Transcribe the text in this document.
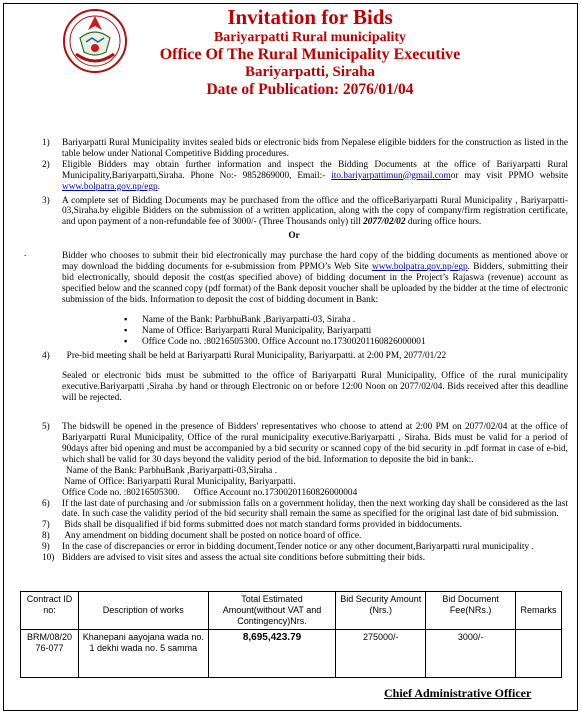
Invitation for Bids
Bariyarpatti Rural municipality
Office Of The Rural Municipality Executive
Bariyarpatti, Siraha
Date of Publication: 2076/01/04

1) Bariyarpatti Rural Municipality invites sealed bids or electronic bids from Nepalese eligible bidders for the construction as listed in the table below under National Competitive Bidding procedures.

2) Eligible Bidders may obtain further information and inspect the Bidding Documents at the office of Bariyarpatti Rural Municipality,Bariyarpatti,Siraha. Phone No:- 9852869000, Email:- ito.bariyarpattimun@gmail.comor may visit PPMO website www.bolpatra.gov.np/egp.

3) A complete set of Bidding Documents may be purchased from the office and the officeBariyarpatti Rural Municipality , Bariyarpatti-03,Siraha.by eligible Bidders on the submission of a written application, along with the copy of company/firm registration certificate, and upon payment of a non-refundable fee of 3000/- (Three Thousands only) till 2077/02/02 during office hours.

Or

.	Bidder who chooses to submit their bid electronically may purchase the hard copy of the bidding documents as mentioned above or may download the bidding documents for e-submission from PPMO’s Web Site www.bolpatra.gov.np/egp. Bidders, submitting their bid electronically, should deposit the cost(as specified above) of bidding document in the Project’s Rajaswa (revenue) account as specified below and the scanned copy (pdf format) of the Bank deposit voucher shall be uploaded by the bidder at the time of electronic submission of the bids. Information to deposit the cost of bidding document in Bank:

▪ Name of the Bank: ParbhuBank ,Bariyarpatti-03, Siraha .
▪ Name of Office: Bariyarpatti Rural Municipality, Bariyarpatti
▪ Office Code no. :80216505300. Office Account no.17300201160826000001

4) Pre-bid meeting shall be held at Bariyarpatti Rural Municipality, Bariyarpatti. at 2:00 PM, 2077/01/22

Sealed or electronic bids must be submitted to the office of Bariyarpatti Rural Municipality, Office of the rural municipality executive.Bariyarpatti ,Siraha .by hand or through Electronic on or before 12:00 Noon on 2077/02/04. Bids received after this deadline will be rejected.

5) The bidswill be opened in the presence of Bidders' representatives who choose to attend at 2:00 PM on 2077/02/04 at the office of Bariyarpatti Rural Municipality, Office of the rural municipality executive.Bariyarpatti , Siraha. Bids must be valid for a period of 90days after bid opening and must be accompanied by a bid security or scanned copy of the bid security in .pdf format in case of e-bid, which shall be valid for 30 days beyond the validity period of the bid. Information to deposite the bid in bank:.

Name of the Bank: ParbhuBank ,Bariyarpatti-03,Siraha .
Name of Office: Bariyarpatti Rural Municipality, Bariyarpatti.
Office Code no. :80216505300.      Office Account no.17300201160826000004

6) If the last date of purchasing and /or submission falls on a government holiday, then the next working day shall be considered as the last date. In such case the validity period of the bid security shall remain the same as specified for the original last date of bid submission.

7) Bids shall be disqualified if bid forms submitted does not match standard forms provided in biddocuments.

8) Any amendment on bidding document shall be posted on notice board of office.

9) In the case of discrepancies or error in bidding document,Tender notice or any other document,Bariyarpatti rural municipality .

10) Bidders are advised to visit sites and assess the actual site conditions before submitting their bids.

Contract ID no:	Description of works	Total Estimated Amount(without VAT and Contingency)Nrs.	Bid Security Amount (Nrs.)	Bid Document Fee(NRs.)	Remarks
BRM/08/20 76-077	Khanepani aayojana wada no. 1 dekhi wada no. 5 samma	8,695,423.79	275000/-	3000/-	
Chief Administrative Officer
